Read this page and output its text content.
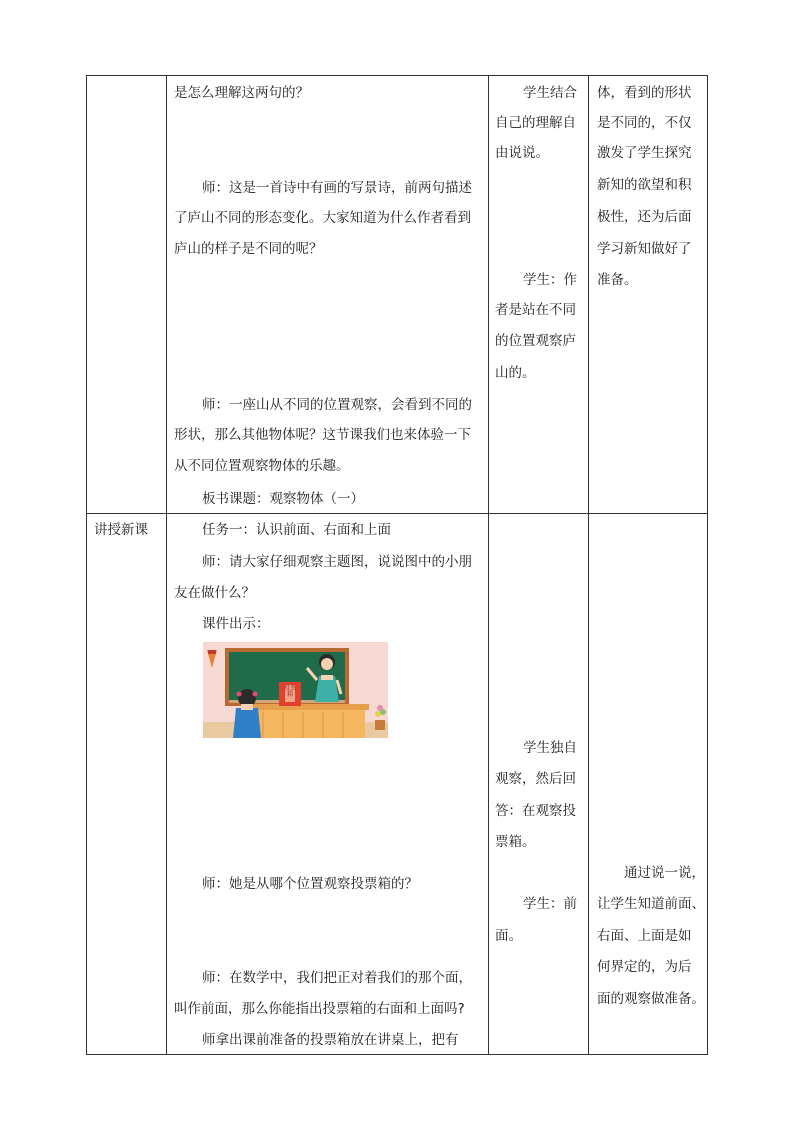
是怎么理解这两句的？
师：这是一首诗中有画的写景诗，前两句描述
了庐山不同的形态变化。大家知道为什么作者看到
庐山的样子是不同的呢？
师：一座山从不同的位置观察，会看到不同的
形状，那么其他物体呢？这节课我们也来体验一下
从不同位置观察物体的乐趣。
板书课题：观察物体（一）
学生结合
自己的理解自
由说说。
学生：作
者是站在不同
的位置观察庐
山的。
体，看到的形状
是不同的，不仅
激发了学生探究
新知的欲望和积
极性，还为后面
学习新知做好了
准备。
讲授新课	任务一：认识前面、右面和上面
师：请大家仔细观察主题图，说说图中的小朋
友在做什么？
课件出示：
师：她是从哪个位置观察投票箱的？
师：在数学中，我们把正对着我们的那个面，
叫作前面，那么你能指出投票箱的右面和上面吗?
师拿出课前准备的投票箱放在讲桌上，把有
学生独自
观察，然后回
答：在观察投
票箱。
学生：前
面。
通过说一说，
让学生知道前面、
右面、上面是如
何界定的，为后
面的观察做准备。
投票箱
